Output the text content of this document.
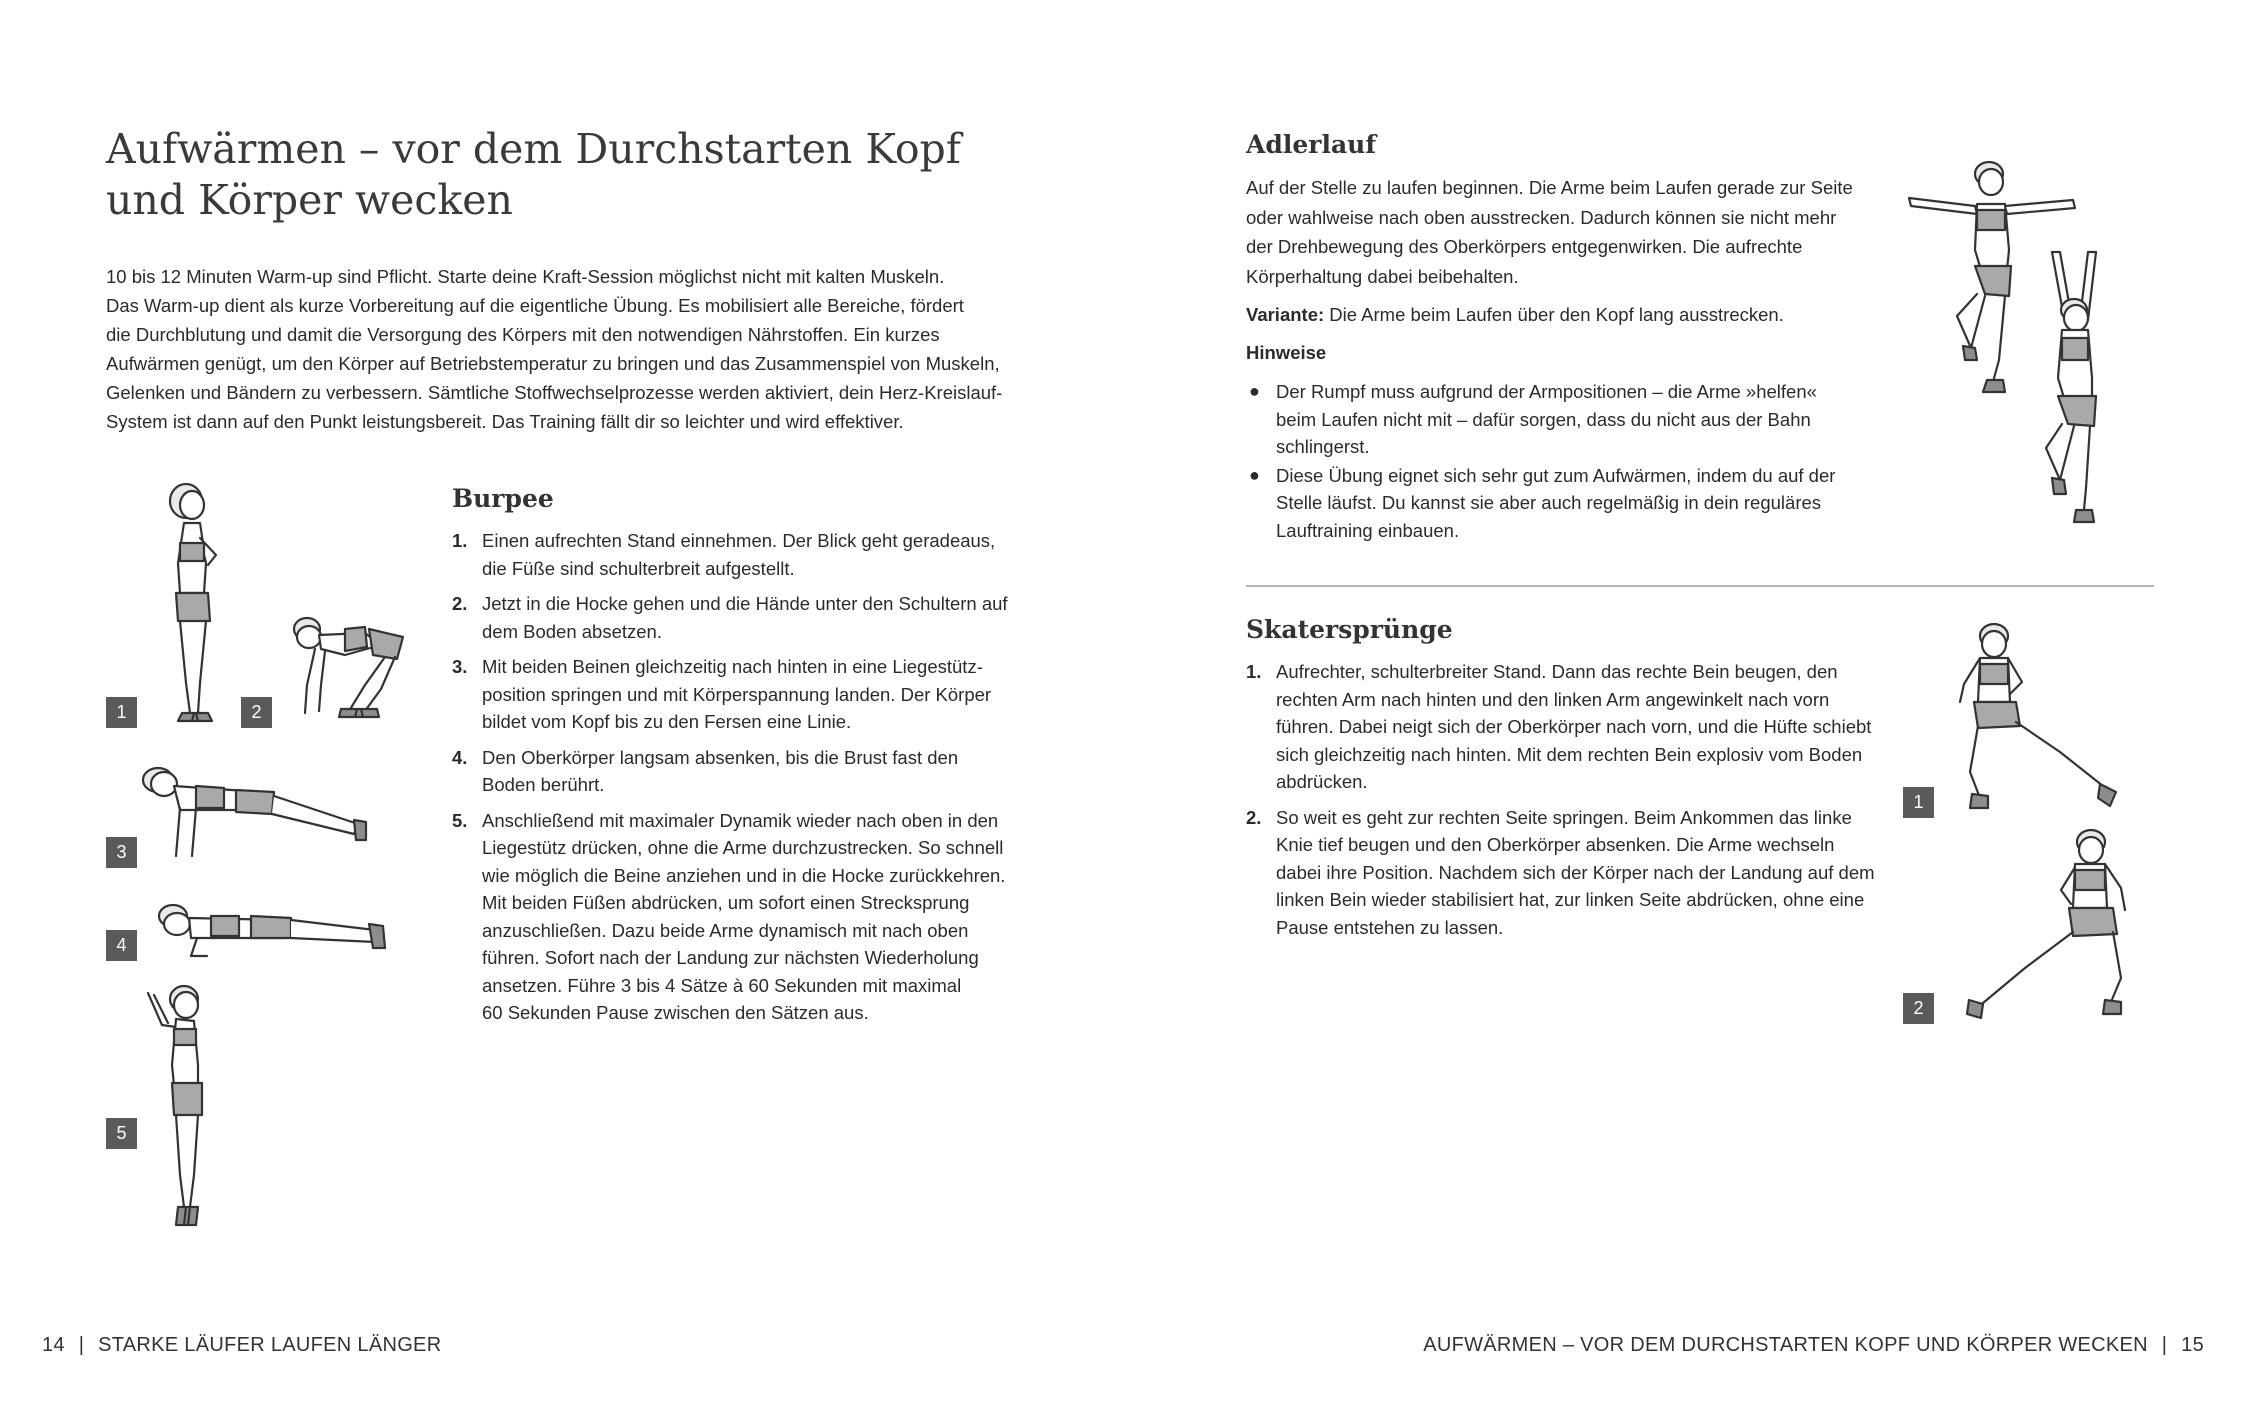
Aufwärmen – vor dem Durchstarten Kopf
und Körper wecken

10 bis 12 Minuten Warm-up sind Pflicht. Starte deine Kraft-Session möglichst nicht mit kalten Muskeln.
Das Warm-up dient als kurze Vorbereitung auf die eigentliche Übung. Es mobilisiert alle Bereiche, fördert
die Durchblutung und damit die Versorgung des Körpers mit den notwendigen Nährstoffen. Ein kurzes
Aufwärmen genügt, um den Körper auf Betriebstemperatur zu bringen und das Zusammenspiel von Muskeln,
Gelenken und Bändern zu verbessern. Sämtliche Stoffwechselprozesse werden aktiviert, dein Herz-Kreislauf-
System ist dann auf den Punkt leistungsbereit. Das Training fällt dir so leichter und wird effektiver.

Burpee
1. Einen aufrechten Stand einnehmen. Der Blick geht geradeaus,
die Füße sind schulterbreit aufgestellt.
2. Jetzt in die Hocke gehen und die Hände unter den Schultern auf
dem Boden absetzen.
3. Mit beiden Beinen gleichzeitig nach hinten in eine Liegestütz-
position springen und mit Körperspannung landen. Der Körper
bildet vom Kopf bis zu den Fersen eine Linie.
4. Den Oberkörper langsam absenken, bis die Brust fast den
Boden berührt.
5. Anschließend mit maximaler Dynamik wieder nach oben in den
Liegestütz drücken, ohne die Arme durchzustrecken. So schnell
wie möglich die Beine anziehen und in die Hocke zurückkehren.
Mit beiden Füßen abdrücken, um sofort einen Strecksprung
anzuschließen. Dazu beide Arme dynamisch mit nach oben
führen. Sofort nach der Landung zur nächsten Wiederholung
ansetzen. Führe 3 bis 4 Sätze à 60 Sekunden mit maximal
60 Sekunden Pause zwischen den Sätzen aus.
1	2
3
4
5
14 | STARKE LÄUFER LAUFEN LÄNGER
Adlerlauf

Auf der Stelle zu laufen beginnen. Die Arme beim Laufen gerade zur Seite
oder wahlweise nach oben ausstrecken. Dadurch können sie nicht mehr
der Drehbewegung des Oberkörpers entgegenwirken. Die aufrechte
Körperhaltung dabei beibehalten.

Variante: Die Arme beim Laufen über den Kopf lang ausstrecken.

Hinweise

● Der Rumpf muss aufgrund der Armpositionen – die Arme »helfen«
beim Laufen nicht mit – dafür sorgen, dass du nicht aus der Bahn
schlingerst.
● Diese Übung eignet sich sehr gut zum Aufwärmen, indem du auf der
Stelle läufst. Du kannst sie aber auch regelmäßig in dein reguläres
Lauftraining einbauen.
Skatersprünge
1. Aufrechter, schulterbreiter Stand. Dann das rechte Bein beugen, den
rechten Arm nach hinten und den linken Arm angewinkelt nach vorn
führen. Dabei neigt sich der Oberkörper nach vorn, und die Hüfte schiebt
sich gleichzeitig nach hinten. Mit dem rechten Bein explosiv vom Boden
abdrücken.
2. So weit es geht zur rechten Seite springen. Beim Ankommen das linke
Knie tief beugen und den Oberkörper absenken. Die Arme wechseln
dabei ihre Position. Nachdem sich der Körper nach der Landung auf dem
linken Bein wieder stabilisiert hat, zur linken Seite abdrücken, ohne eine
Pause entstehen zu lassen.
1
2
AUFWÄRMEN – VOR DEM DURCHSTARTEN KOPF UND KÖRPER WECKEN | 15
